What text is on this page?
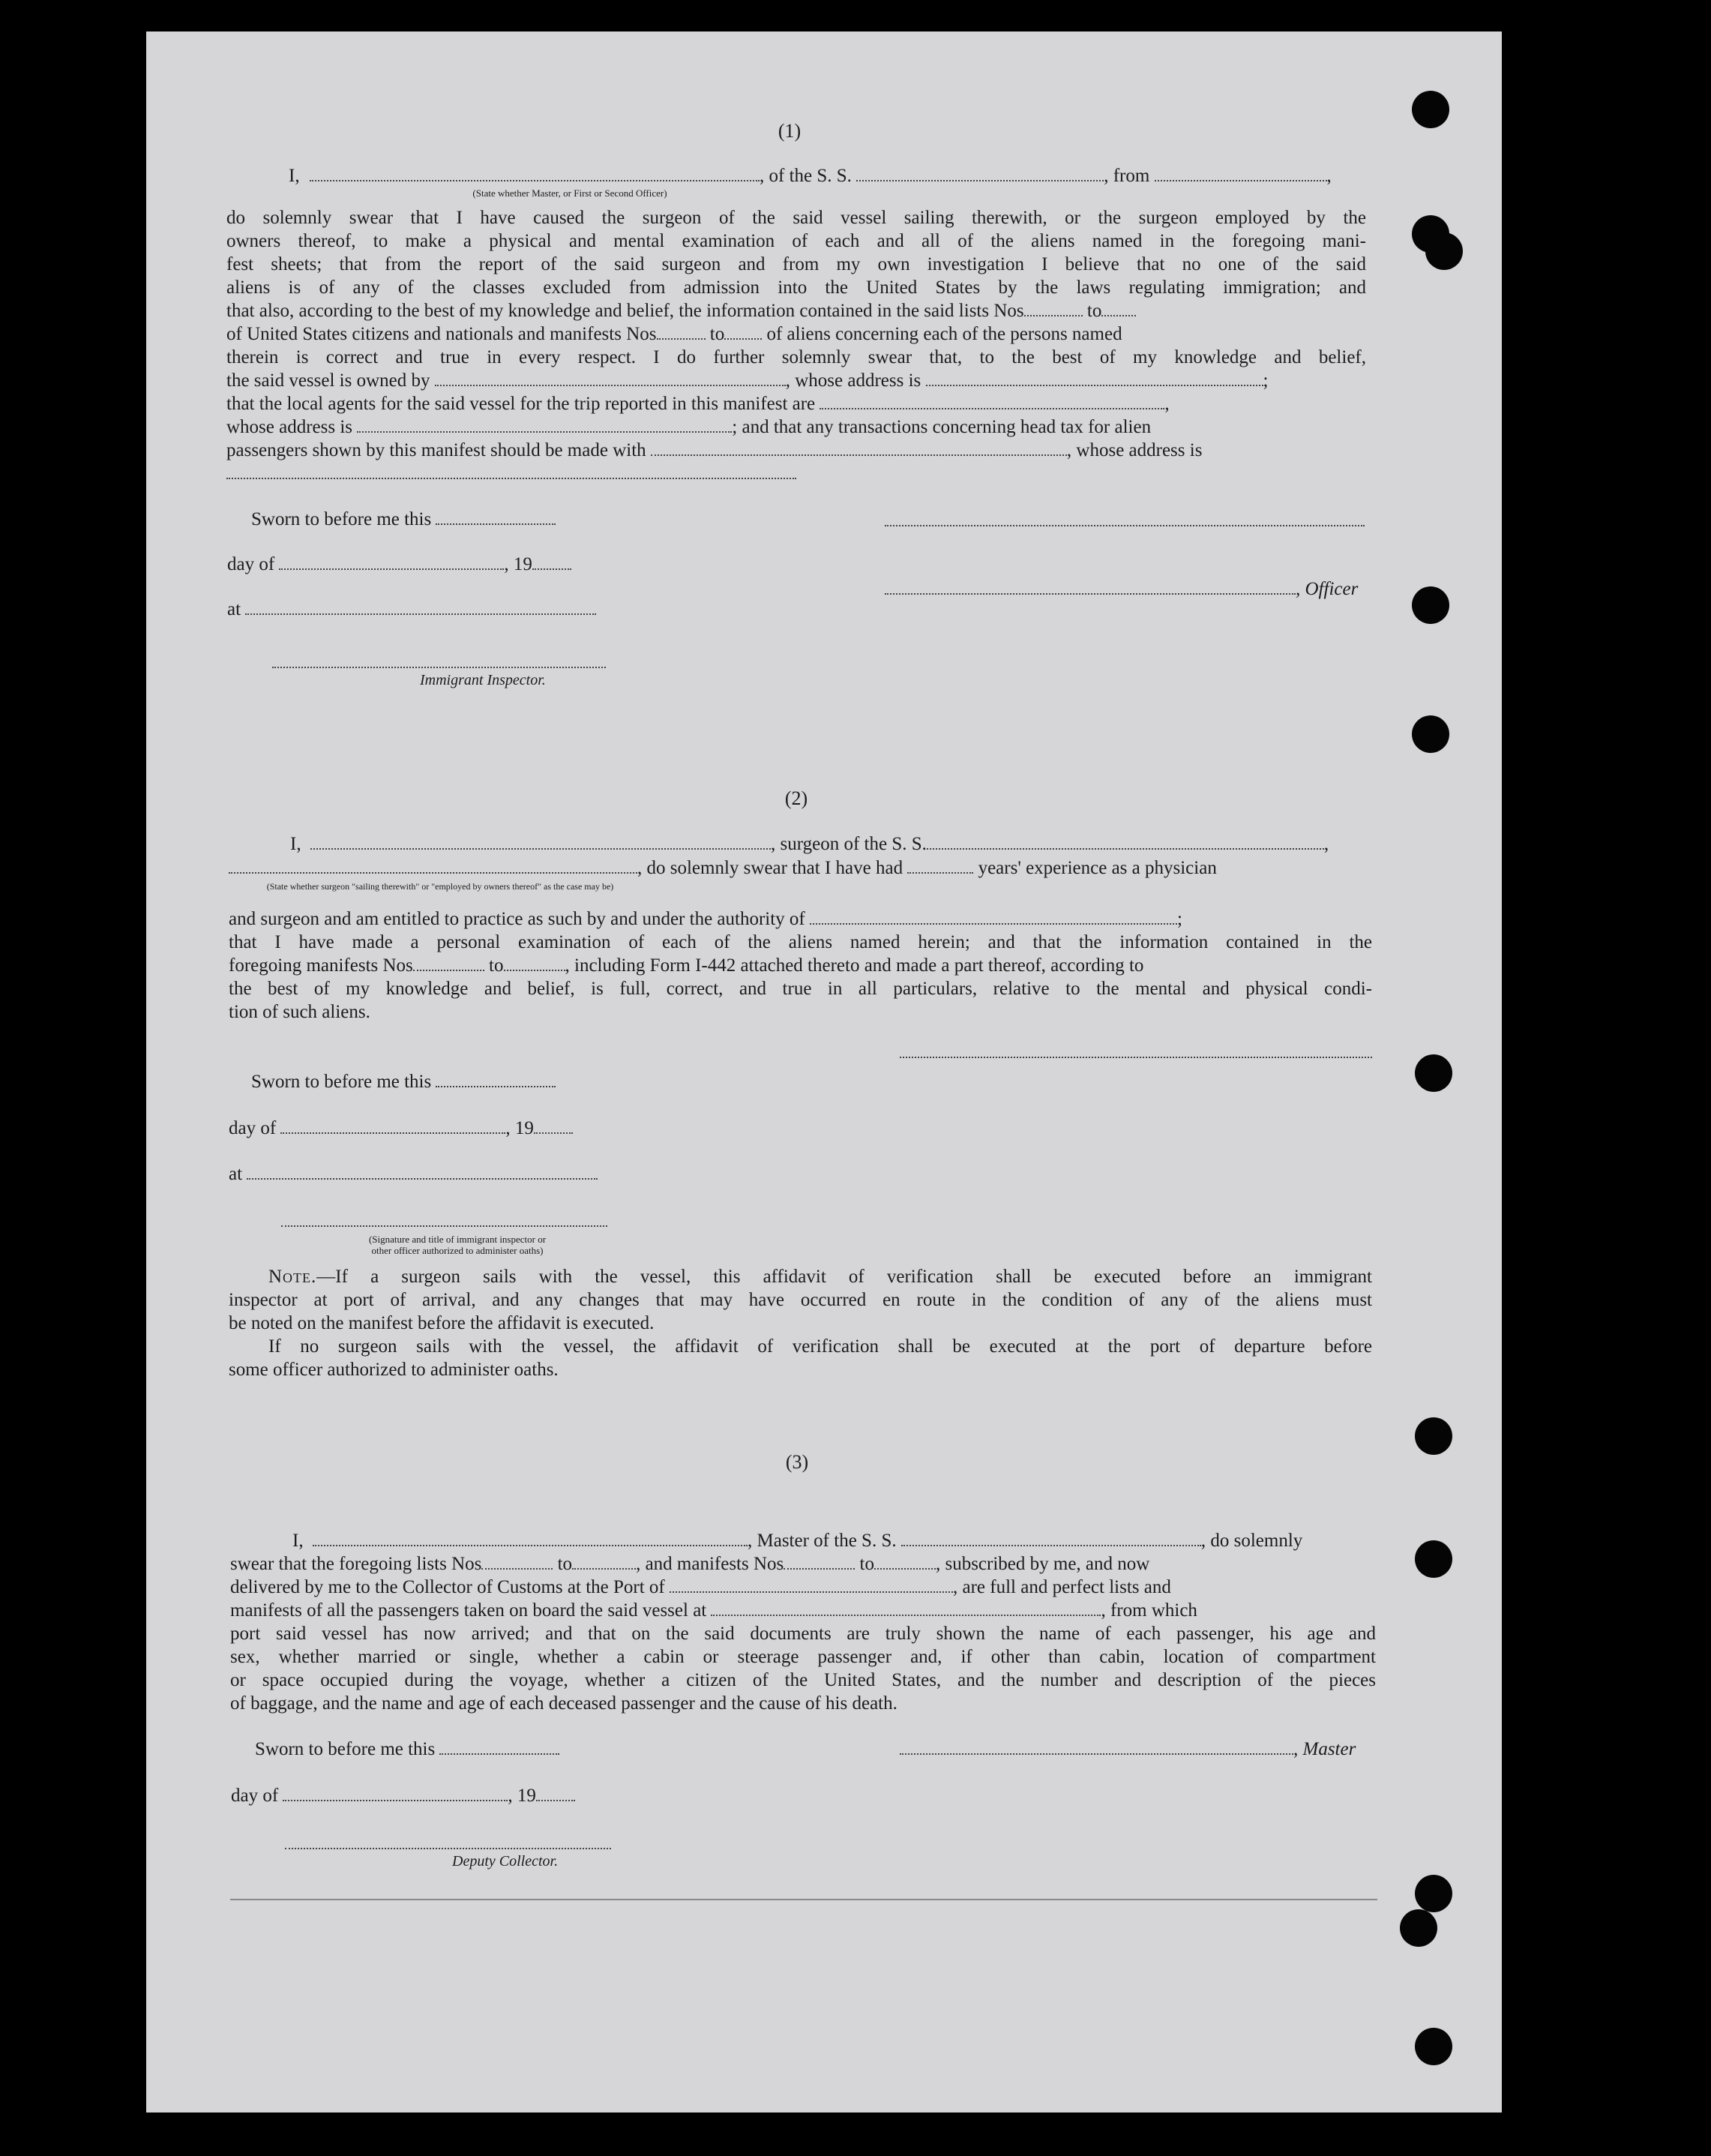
(1)
I,	, of the S. S.	, from	,
(State whether Master, or First or Second Officer)
do solemnly swear that I have caused the surgeon of the said vessel sailing therewith, or the surgeon employed by the
owners thereof, to make a physical and mental examination of each and all of the aliens named in the foregoing mani-
fest sheets; that from the report of the said surgeon and from my own investigation I believe that no one of the said
aliens is of any of the classes excluded from admission into the United States by the laws regulating immigration; and
that also, according to the best of my knowledge and belief, the information contained in the said lists Nos	to
of United States citizens and nationals and manifests Nos	to of aliens concerning each of the persons named
therein is correct and true in every respect. I do further solemnly swear that, to the best of my knowledge and belief,
the said vessel is owned by	, whose address is	;
that the local agents for the said vessel for the trip reported in this manifest are	,
whose address is	; and that any transactions concerning head tax for alien
passengers shown by this manifest should be made with	, whose address is
Sworn to before me this
day of	, 19
at
Immigrant Inspector.
, Officer
(2)
I,	, surgeon of the S. S.	,
, do solemnly swear that I have had	years' experience as a physician
(State whether surgeon "sailing therewith" or "employed by owners thereof" as the case may be)
and surgeon and am entitled to practice as such by and under the authority of	;
that I have made a personal examination of each of the aliens named herein; and that the information contained in the
foregoing manifests Nos	to	, including Form I-442 attached thereto and made a part thereof, according to
the best of my knowledge and belief, is full, correct, and true in all particulars, relative to the mental and physical condi-
tion of such aliens.
Sworn to before me this
day of	, 19
at
(Signature and title of immigrant inspector or
other officer authorized to administer oaths)
Note.—If a surgeon sails with the vessel, this affidavit of verification shall be executed before an immigrant
inspector at port of arrival, and any changes that may have occurred en route in the condition of any of the aliens must
be noted on the manifest before the affidavit is executed.
If no surgeon sails with the vessel, the affidavit of verification shall be executed at the port of departure before
some officer authorized to administer oaths.
(3)
I,	, Master of the S. S.	, do solemnly
swear that the foregoing lists Nos	to	, and manifests Nos	to	, subscribed by me, and now
delivered by me to the Collector of Customs at the Port of	, are full and perfect lists and
manifests of all the passengers taken on board the said vessel at	, from which
port said vessel has now arrived; and that on the said documents are truly shown the name of each passenger, his age and
sex, whether married or single, whether a cabin or steerage passenger and, if other than cabin, location of compartment
or space occupied during the voyage, whether a citizen of the United States, and the number and description of the pieces
of baggage, and the name and age of each deceased passenger and the cause of his death.
Sworn to before me this	, Master
day of	, 19
Deputy Collector.
